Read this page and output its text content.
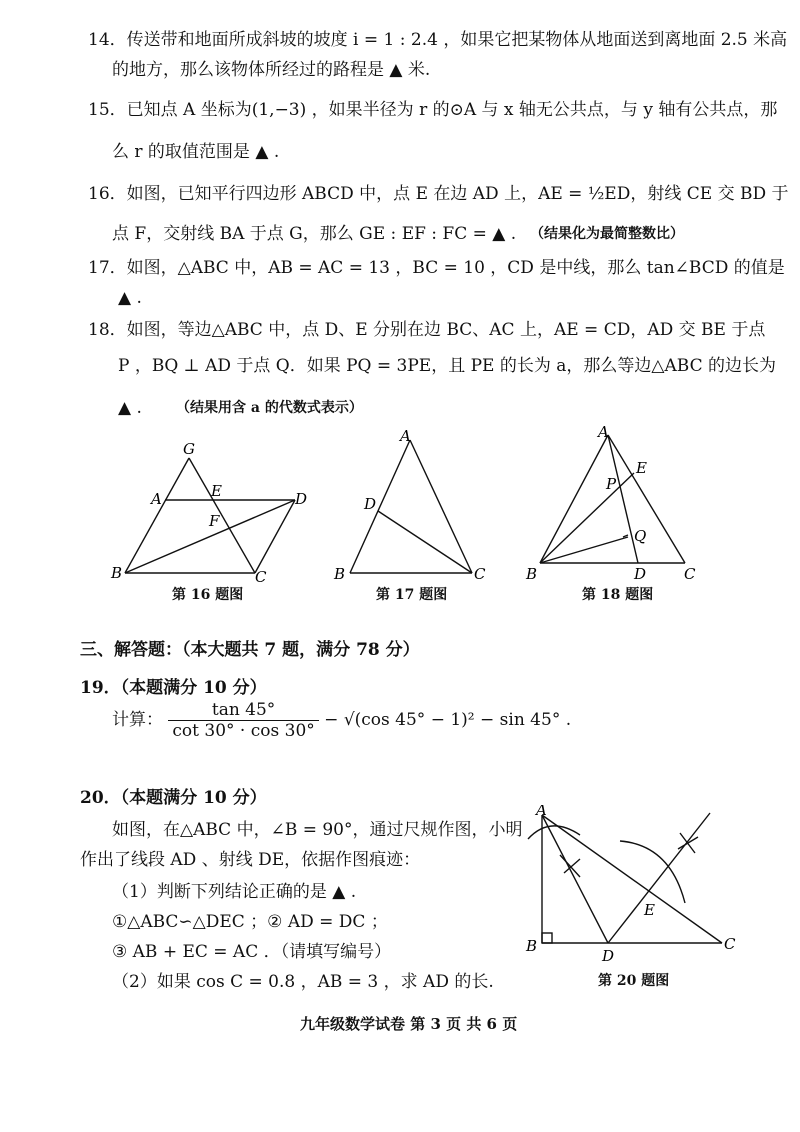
14．传送带和地面所成斜坡的坡度 i = 1 : 2.4 ，如果它把某物体从地面送到离地面 2.5 米高
的地方，那么该物体所经过的路程是 ▲ 米.
15．已知点 A 坐标为(1,−3) ，如果半径为 r 的⊙A 与 x 轴无公共点，与 y 轴有公共点，那
么 r 的取值范围是 ▲ .
16．如图，已知平行四边形 ABCD 中，点 E 在边 AD 上，AE = ½ED，射线 CE 交 BD 于
点 F，交射线 BA 于点 G，那么 GE : EF : FC = ▲ . （结果化为最简整数比）
17．如图，△ABC 中，AB = AC = 13 ，BC = 10 ，CD 是中线，那么 tan∠BCD 的值是
▲ .
18．如图，等边△ABC 中，点 D、E 分别在边 BC、AC 上，AE = CD，AD 交 BE 于点
P ，BQ ⊥ AD 于点 Q．如果 PQ = 3PE，且 PE 的长为 a，那么等边△ABC 的边长为
▲ . （结果用含 a 的代数式表示）
G
A	E	D
F
B	C
第 16 题图
A
D
B	C
第 17 题图
A
E
P
Q
B	D	C
第 18 题图
三、解答题：（本大题共 7 题，满分 78 分）
19．（本题满分 10 分）
计算： $\frac{\tan 45^\circ}{\cot 30^\circ \cdot \cos 30^\circ} - √(\cos$ 45° − 1)² − sin 45° .
20．（本题满分 10 分）
如图，在△ABC 中，∠B = 90°，通过尺规作图，小明
作出了线段 AD 、射线 DE，依据作图痕迹：
（1）判断下列结论正确的是 ▲ .
①△ABC∽△DEC ；② AD = DC ；
③ AB + EC = AC ．（请填写编号）
（2）如果 cos C = 0.8 ，AB = 3 ，求 AD 的长.
A
E
B
D
C
第 20 题图
九年级数学试卷 第 3 页 共 6 页
